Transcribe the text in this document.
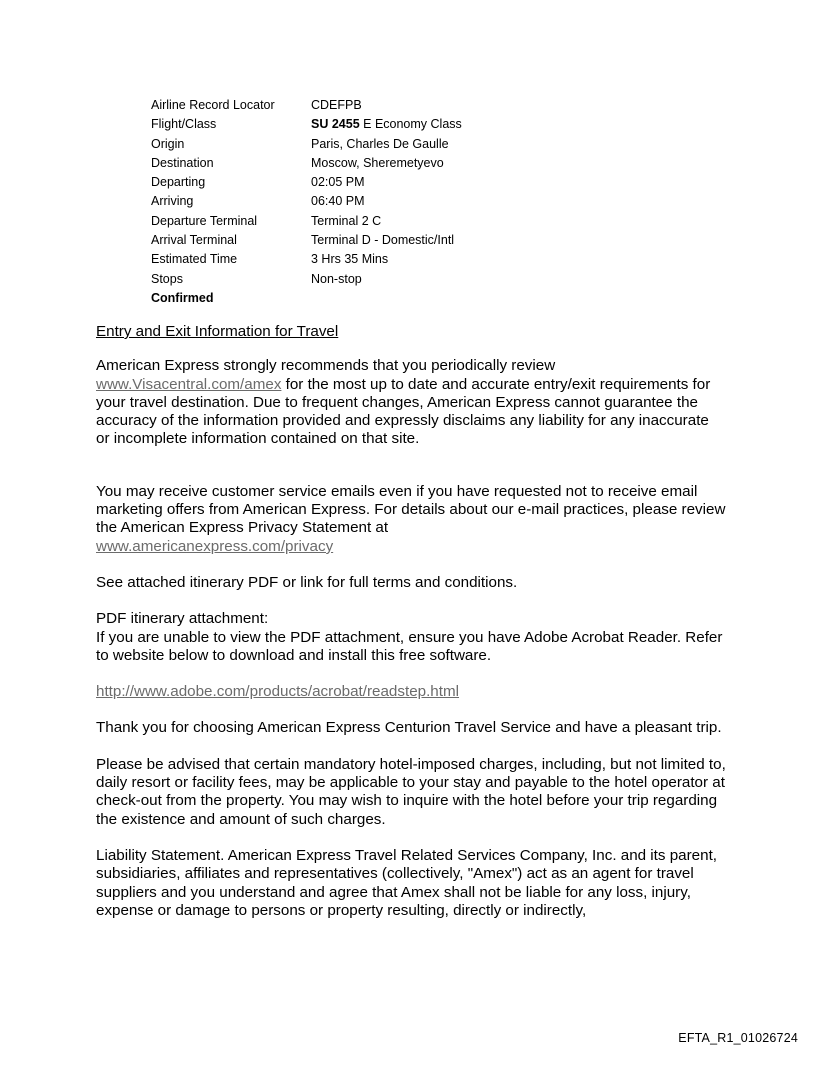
Airline Record Locator	CDEFPB
Flight/Class	SU 2455 E Economy Class
Origin	Paris, Charles De Gaulle
Destination	Moscow, Sheremetyevo
Departing	02:05 PM
Arriving	06:40 PM
Departure Terminal	Terminal 2 C
Arrival Terminal	Terminal D - Domestic/Intl
Estimated Time	3 Hrs 35 Mins
Stops	Non-stop
Confirmed	

Entry and Exit Information for Travel

American Express strongly recommends that you periodically review
www.Visacentral.com/amex for the most up to date and accurate entry/exit requirements for your travel destination. Due to frequent changes, American Express cannot guarantee the accuracy of the information provided and expressly disclaims any liability for any inaccurate or incomplete information contained on that site.

You may receive customer service emails even if you have requested not to receive email marketing offers from American Express. For details about our e-mail practices, please review the American Express Privacy Statement at
www.americanexpress.com/privacy

See attached itinerary PDF or link for full terms and conditions.

PDF itinerary attachment:
If you are unable to view the PDF attachment, ensure you have Adobe Acrobat Reader. Refer to website below to download and install this free software.

http://www.adobe.com/products/acrobat/readstep.html

Thank you for choosing American Express Centurion Travel Service and have a pleasant trip.

Please be advised that certain mandatory hotel-imposed charges, including, but not limited to, daily resort or facility fees, may be applicable to your stay and payable to the hotel operator at check-out from the property. You may wish to inquire with the hotel before your trip regarding the existence and amount of such charges.

Liability Statement. American Express Travel Related Services Company, Inc. and its parent, subsidiaries, affiliates and representatives (collectively, "Amex") act as an agent for travel suppliers and you understand and agree that Amex shall not be liable for any loss, injury, expense or damage to persons or property resulting, directly or indirectly,

EFTA_R1_01026724
